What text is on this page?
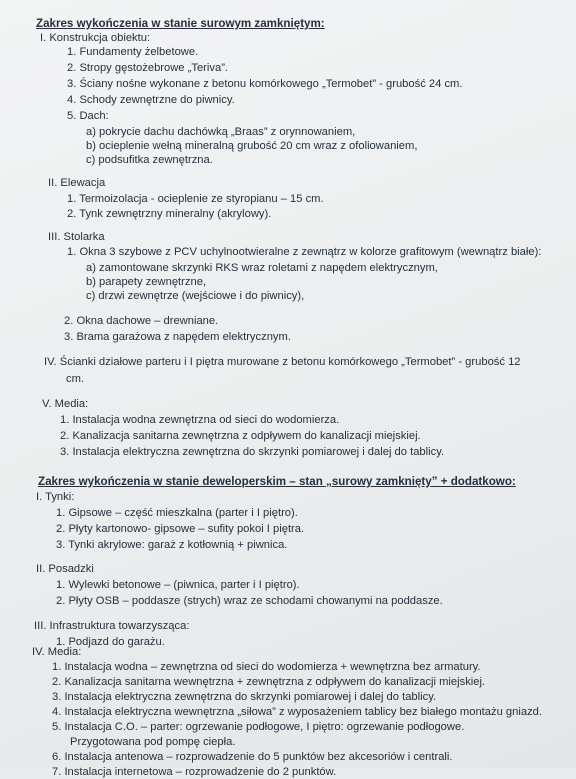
Zakres wykończenia w stanie surowym zamkniętym:
I. Konstrukcja obiektu:
1. Fundamenty żelbetowe.
2. Stropy gęstożebrowe „Teriva”.
3. Ściany nośne wykonane z betonu komórkowego „Termobet” - grubość 24 cm.
4. Schody zewnętrzne do piwnicy.
5. Dach:
a) pokrycie dachu dachówką „Braas” z orynnowaniem,
b) ocieplenie wełną mineralną grubość 20 cm wraz z ofoliowaniem,
c) podsufitka zewnętrzna.
II. Elewacja
1. Termoizolacja - ocieplenie ze styropianu – 15 cm.
2. Tynk zewnętrzny mineralny (akrylowy).
III. Stolarka
1. Okna 3 szybowe z PCV uchylnootwieralne z zewnątrz w kolorze grafitowym (wewnątrz białe):
a) zamontowane skrzynki RKS wraz roletami z napędem elektrycznym,
b) parapety zewnętrzne,
c) drzwi zewnętrze (wejściowe i do piwnicy),
2. Okna dachowe – drewniane.
3. Brama garażowa z napędem elektrycznym.
IV. Ścianki działowe parteru i I piętra murowane z betonu komórkowego „Termobet” - grubość 12
cm.
V. Media:
1. Instalacja wodna zewnętrzna od sieci do wodomierza.
2. Kanalizacja sanitarna zewnętrzna z odpływem do kanalizacji miejskiej.
3. Instalacja elektryczna zewnętrzna do skrzynki pomiarowej i dalej do tablicy.
Zakres wykończenia w stanie deweloperskim – stan „surowy zamknięty” + dodatkowo:
I. Tynki:
1. Gipsowe – część mieszkalna (parter i I piętro).
2. Płyty kartonowo- gipsowe – sufity pokoi I piętra.
3. Tynki akrylowe: garaż z kotłownią + piwnica.
II. Posadzki
1. Wylewki betonowe – (piwnica, parter i I piętro).
2. Płyty OSB – poddasze (strych) wraz ze schodami chowanymi na poddasze.
III. Infrastruktura towarzysząca:
1. Podjazd do garażu.
IV. Media:
1. Instalacja wodna – zewnętrzna od sieci do wodomierza + wewnętrzna bez armatury.
2. Kanalizacja sanitarna wewnętrzna + zewnętrzna z odpływem do kanalizacji miejskiej.
3. Instalacja elektryczna zewnętrzna do skrzynki pomiarowej i dalej do tablicy.
4. Instalacja elektryczna wewnętrzna „siłowa” z wyposażeniem tablicy bez białego montażu gniazd.
5. Instalacja C.O. – parter: ogrzewanie podłogowe, I piętro: ogrzewanie podłogowe.
Przygotowana pod pompę ciepła.
6. Instalacja antenowa – rozprowadzenie do 5 punktów bez akcesoriów i centrali.
7. Instalacja internetowa – rozprowadzenie do 2 punktów.
